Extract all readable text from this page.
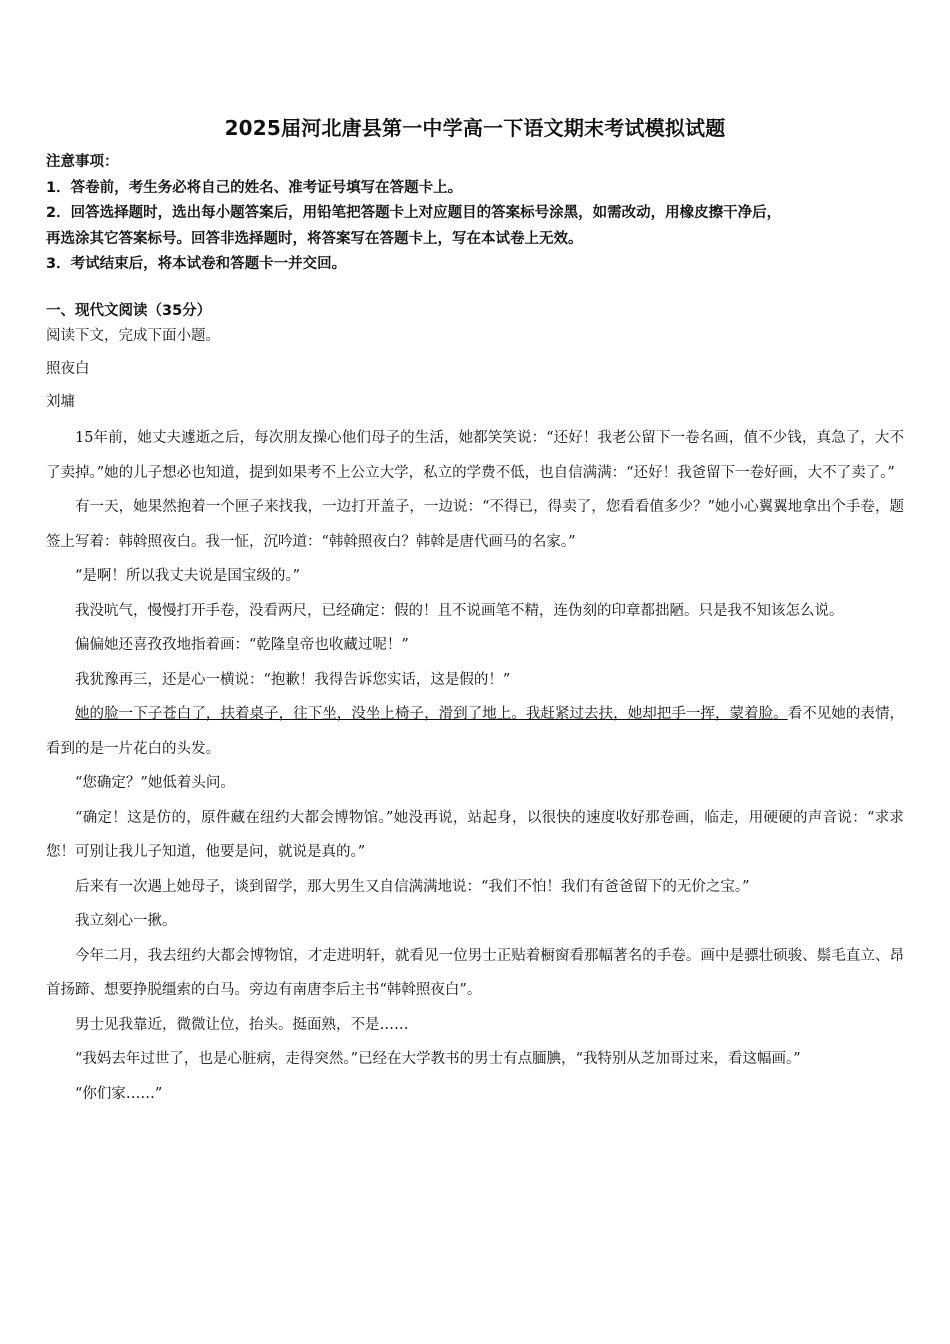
2025届河北唐县第一中学高一下语文期末考试模拟试题
注意事项：
1．答卷前，考生务必将自己的姓名、准考证号填写在答题卡上。
2．回答选择题时，选出每小题答案后，用铅笔把答题卡上对应题目的答案标号涂黑，如需改动，用橡皮擦干净后，
再选涂其它答案标号。回答非选择题时，将答案写在答题卡上，写在本试卷上无效。
3．考试结束后，将本试卷和答题卡一并交回。
一、现代文阅读（35分）
阅读下文，完成下面小题。
照夜白
刘墉

15年前，她丈夫遽逝之后，每次朋友操心他们母子的生活，她都笑笑说：“还好！我老公留下一卷名画，值不少钱，真急了，大不了卖掉。”她的儿子想必也知道，提到如果考不上公立大学，私立的学费不低，也自信满满：“还好！我爸留下一卷好画，大不了卖了。”

有一天，她果然抱着一个匣子来找我，一边打开盖子，一边说：“不得已，得卖了，您看看值多少？”她小心翼翼地拿出个手卷，题签上写着：韩斡照夜白。我一怔，沉吟道：“韩斡照夜白？韩斡是唐代画马的名家。”

“是啊！所以我丈夫说是国宝级的。”

我没吭气，慢慢打开手卷，没看两尺，已经确定：假的！且不说画笔不精，连伪刻的印章都拙陋。只是我不知该怎么说。

偏偏她还喜孜孜地指着画：“乾隆皇帝也收藏过呢！”

我犹豫再三，还是心一横说：“抱歉！我得告诉您实话，这是假的！”

她的脸一下子苍白了，扶着桌子，往下坐，没坐上椅子，滑到了地上。我赶紧过去扶，她却把手一挥，蒙着脸。看不见她的表情，看到的是一片花白的头发。

“您确定？”她低着头问。

“确定！这是仿的，原件藏在纽约大都会博物馆。”她没再说，站起身，以很快的速度收好那卷画，临走，用硬硬的声音说：“求求您！可别让我儿子知道，他要是问，就说是真的。”

后来有一次遇上她母子，谈到留学，那大男生又自信满满地说：“我们不怕！我们有爸爸留下的无价之宝。”

我立刻心一揪。

今年二月，我去纽约大都会博物馆，才走进明轩，就看见一位男士正贴着橱窗看那幅著名的手卷。画中是骠壮硕骏、鬃毛直立、昂首扬蹄、想要挣脱缰索的白马。旁边有南唐李后主书“韩斡照夜白”。

男士见我靠近，微微让位，抬头。挺面熟，不是……

“我妈去年过世了，也是心脏病，走得突然。”已经在大学教书的男士有点腼腆，“我特别从芝加哥过来，看这幅画。”

“你们家……”
